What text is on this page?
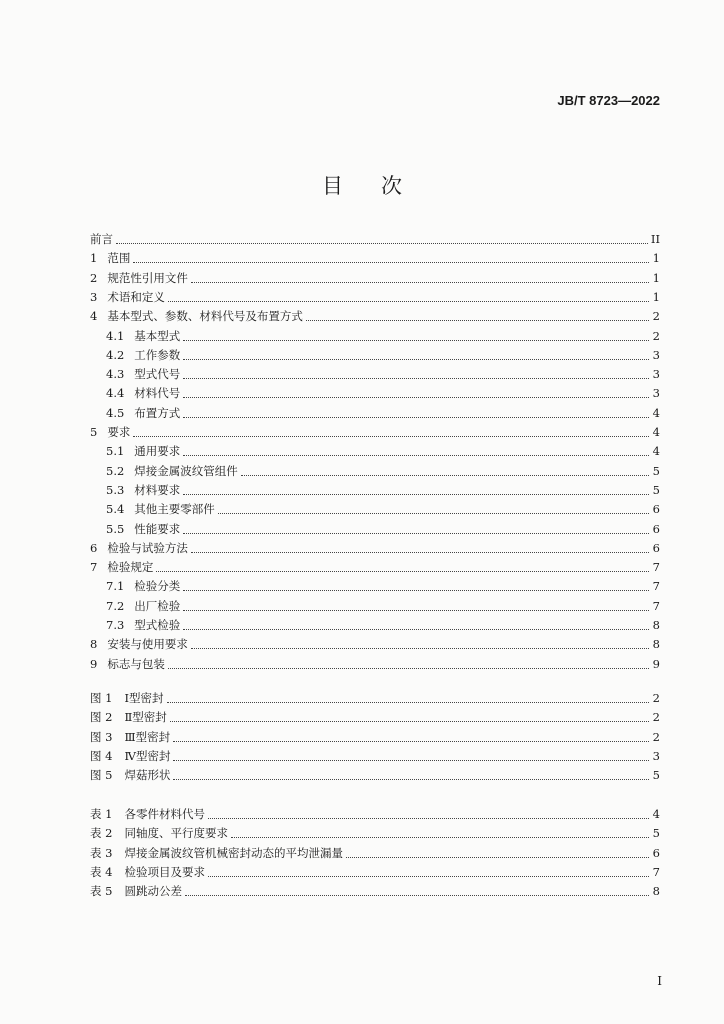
JB/T 8723—2022
目次
前言	II
1 范围	1
2 规范性引用文件	1
3 术语和定义	1
4 基本型式、参数、材料代号及布置方式	2
4.1 基本型式	2
4.2 工作参数	3
4.3 型式代号	3
4.4 材料代号	3
4.5 布置方式	4
5 要求	4
5.1 通用要求	4
5.2 焊接金属波纹管组件	5
5.3 材料要求	5
5.4 其他主要零部件	6
5.5 性能要求	6
6 检验与试验方法	6
7 检验规定	7
7.1 检验分类	7
7.2 出厂检验	7
7.3 型式检验	8
8 安装与使用要求	8
9 标志与包装	9
图 1 Ⅰ型密封	2
图 2 Ⅱ型密封	2
图 3 Ⅲ型密封	2
图 4 Ⅳ型密封	3
图 5 焊菇形状	5
表 1 各零件材料代号	4
表 2 同轴度、平行度要求	5
表 3 焊接金属波纹管机械密封动态的平均泄漏量	6
表 4 检验项目及要求	7
表 5 圆跳动公差	8
I
